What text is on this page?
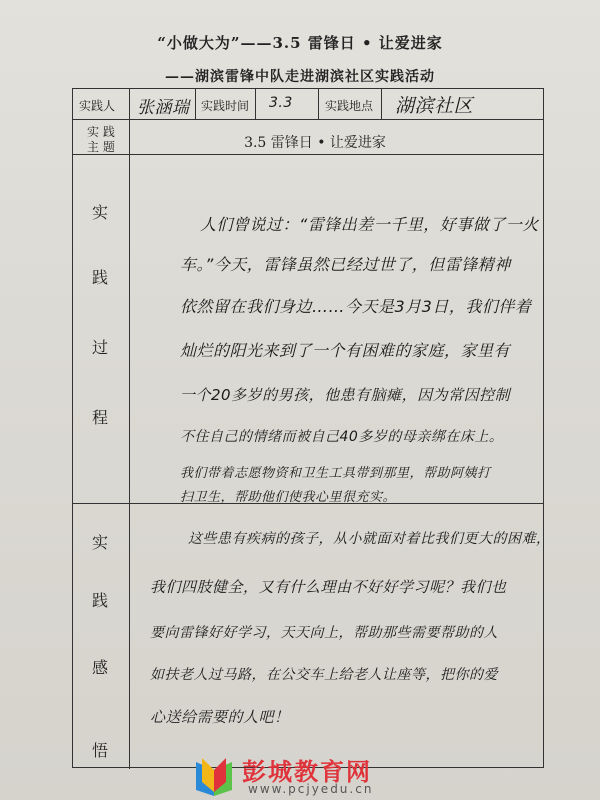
“小做大为”——3.5 雷锋日 • 让爱进家
——湖滨雷锋中队走进湖滨社区实践活动
实践人 张涵瑞 实践时间 3.3	实践地点 湖滨社区
实 践
主 题	3.5 雷锋日 • 让爱进家
实
践
过
程
人们曾说过：“雷锋出差一千里，好事做了一火
车。”今天，雷锋虽然已经过世了，但雷锋精神
依然留在我们身边……今天是3月3日，我们伴着
灿烂的阳光来到了一个有困难的家庭，家里有
一个20多岁的男孩，他患有脑瘫，因为常因控制
不住自己的情绪而被自己40多岁的母亲绑在床上。
我们带着志愿物资和卫生工具带到那里，帮助阿姨打
扫卫生，帮助他们使我心里很充实。
实
践
感
悟
这些患有疾病的孩子，从小就面对着比我们更大的困难，
我们四肢健全，又有什么理由不好好学习呢？我们也
要向雷锋好好学习，天天向上，帮助那些需要帮助的人
如扶老人过马路，在公交车上给老人让座等，把你的爱
心送给需要的人吧！
彭城教育网
www.pcjyedu.cn
